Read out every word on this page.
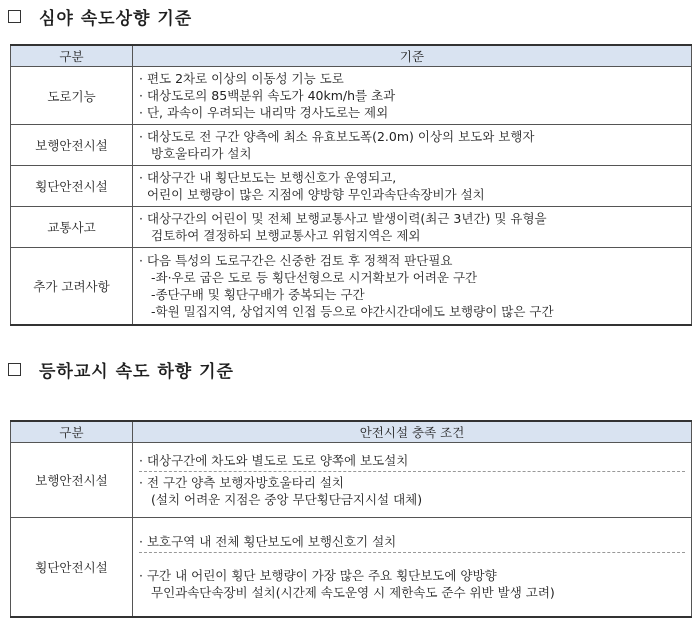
심야 속도상향 기준
구분	기준
도로기능	· 편도 2차로 이상의 이동성 기능 도로
· 대상도로의 85백분위 속도가 40km/h를 초과
· 단, 과속이 우려되는 내리막 경사도로는 제외

보행안전시설	· 대상도로 전 구간 양측에 최소 유효보도폭(2.0m) 이상의 보도와 보행자
방호울타리가 설치

횡단안전시설	· 대상구간 내 횡단보도는 보행신호가 운영되고,
어린이 보행량이 많은 지점에 양방향 무인과속단속장비가 설치

교통사고	· 대상구간의 어린이 및 전체 보행교통사고 발생이력(최근 3년간) 및 유형을
검토하여 결정하되 보행교통사고 위험지역은 제외

추가 고려사항	· 다음 특성의 도로구간은 신중한 검토 후 정책적 판단필요
-좌·우로 굽은 도로 등 횡단선형으로 시거확보가 어려운 구간
-종단구배 및 횡단구배가 중복되는 구간
-학원 밀집지역, 상업지역 인접 등으로 야간시간대에도 보행량이 많은 구간
등하교시 속도 하향 기준
구분	안전시설 충족 조건
보행안전시설	· 대상구간에 차도와 별도로 도로 양쪽에 보도설치
· 전 구간 양측 보행자방호울타리 설치
(설치 어려운 지점은 중앙 무단횡단금지시설 대체)

횡단안전시설	· 보호구역 내 전체 횡단보도에 보행신호기 설치
· 구간 내 어린이 횡단 보행량이 가장 많은 주요 횡단보도에 양방향
무인과속단속장비 설치(시간제 속도운영 시 제한속도 준수 위반 발생 고려)
